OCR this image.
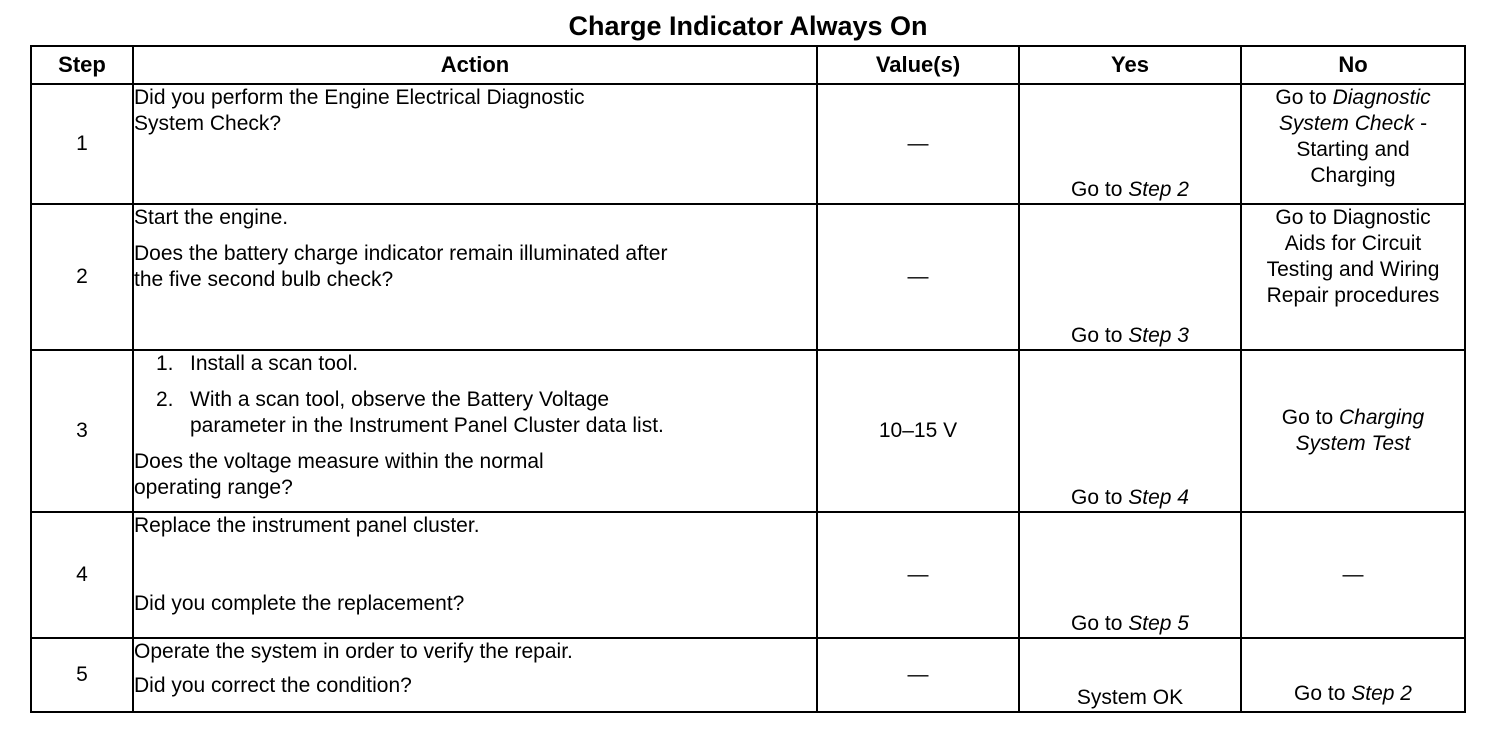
Charge Indicator Always On
Step	Action	Value(s)	Yes	No
1	Did you perform the Engine Electrical Diagnostic
System Check?	—	Go to Step 2	Go to Diagnostic
System Check -
Starting and
Charging

2	Start the engine.
Does the battery charge indicator remain illuminated after
the five second bulb check?	—	Go to Step 3	Go to Diagnostic
Aids for Circuit
Testing and Wiring
Repair procedures

3	1. Install a scan tool.
2. With a scan tool, observe the Battery Voltage
parameter in the Instrument Panel Cluster data list.
Does the voltage measure within the normal
operating range?	10–15 V	Go to Step 4	Go to Charging
System Test

4	Replace the instrument panel cluster.
Did you complete the replacement?	—	Go to Step 5	—
5	Operate the system in order to verify the repair.
Did you correct the condition?	—	System OK	Go to Step 2
